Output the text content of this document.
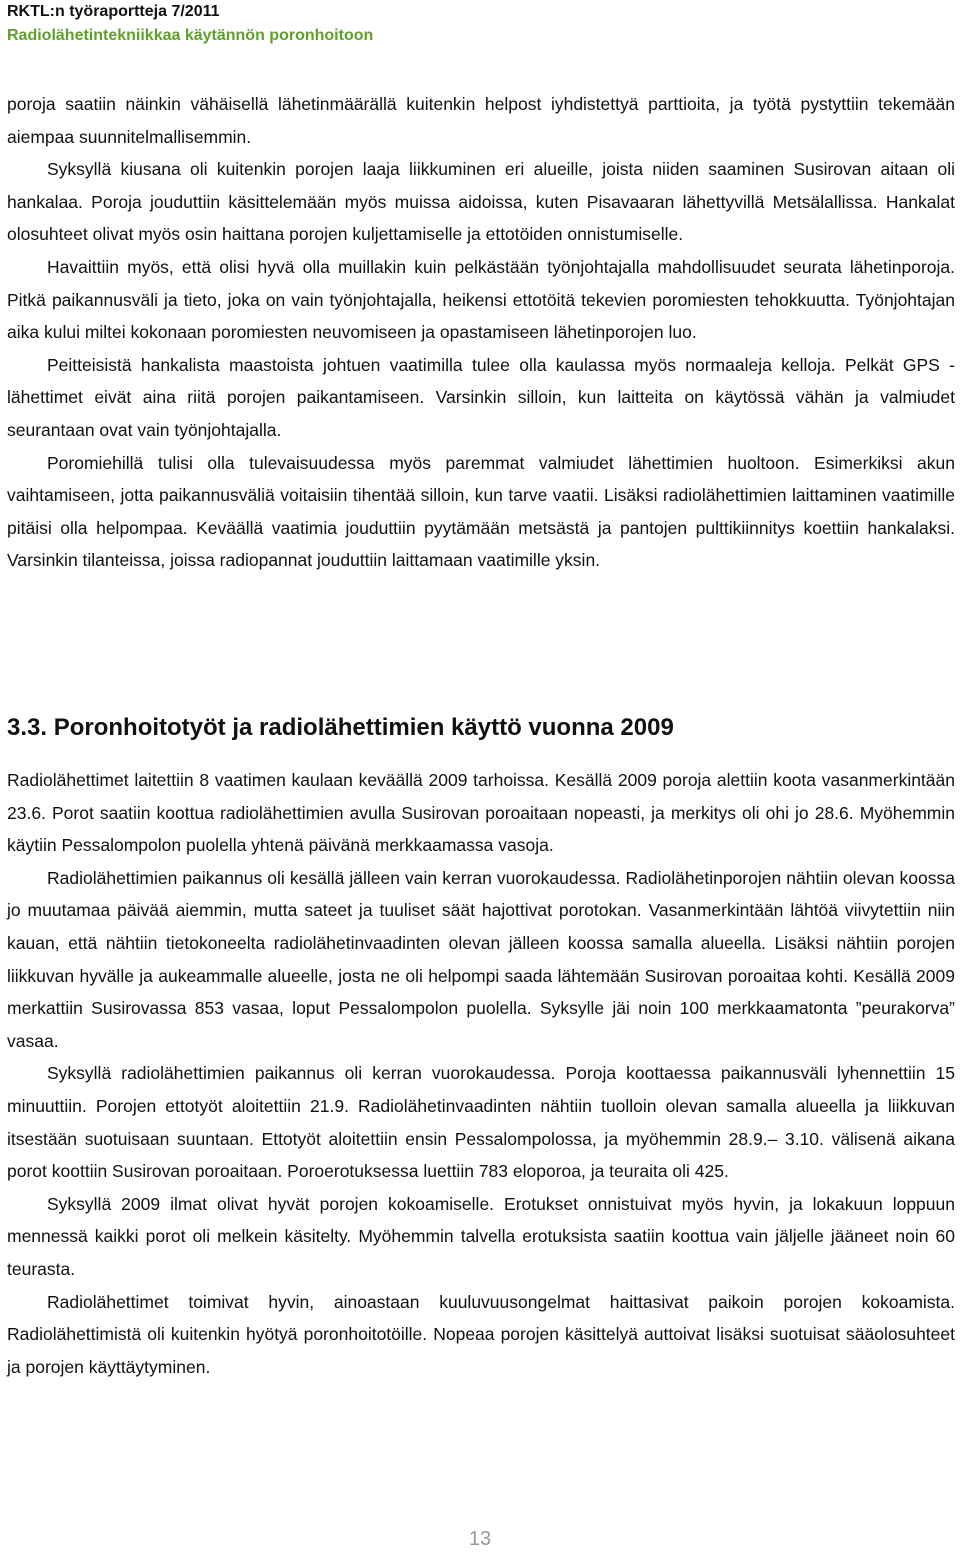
RKTL:n työraportteja 7/2011
Radiolähetintekniikkaa käytännön poronhoitoon

poroja saatiin näinkin vähäisellä lähetinmäärällä kuitenkin helpost iyhdistettyä parttioita, ja työtä pystyttiin tekemään aiempaa suunnitelmallisemmin.

Syksyllä kiusana oli kuitenkin porojen laaja liikkuminen eri alueille, joista niiden saaminen Susirovan aitaan oli hankalaa. Poroja jouduttiin käsittelemään myös muissa aidoissa, kuten Pisavaaran lähettyvillä Metsälallissa. Hankalat olosuhteet olivat myös osin haittana porojen kuljettamiselle ja ettotöiden onnistumiselle.

Havaittiin myös, että olisi hyvä olla muillakin kuin pelkästään työnjohtajalla mahdollisuudet seurata lähetinporoja. Pitkä paikannusväli ja tieto, joka on vain työnjohtajalla, heikensi ettotöitä tekevien poromiesten tehokkuutta. Työnjohtajan aika kului miltei kokonaan poromiesten neuvomiseen ja opastamiseen lähetinporojen luo.

Peitteisistä hankalista maastoista johtuen vaatimilla tulee olla kaulassa myös normaaleja kelloja. Pelkät GPS -lähettimet eivät aina riitä porojen paikantamiseen. Varsinkin silloin, kun laitteita on käytössä vähän ja valmiudet seurantaan ovat vain työnjohtajalla.

Poromiehillä tulisi olla tulevaisuudessa myös paremmat valmiudet lähettimien huoltoon. Esimerkiksi akun vaihtamiseen, jotta paikannusväliä voitaisiin tihentää silloin, kun tarve vaatii. Lisäksi radiolähettimien laittaminen vaatimille pitäisi olla helpompaa. Keväällä vaatimia jouduttiin pyytämään metsästä ja pantojen pulttikiinnitys koettiin hankalaksi. Varsinkin tilanteissa, joissa radiopannat jouduttiin laittamaan vaatimille yksin.

3.3. Poronhoitotyöt ja radiolähettimien käyttö vuonna 2009

Radiolähettimet laitettiin 8 vaatimen kaulaan keväällä 2009 tarhoissa. Kesällä 2009 poroja alettiin koota vasanmerkintään 23.6. Porot saatiin koottua radiolähettimien avulla Susirovan poroaitaan nopeasti, ja merkitys oli ohi jo 28.6. Myöhemmin käytiin Pessalompolon puolella yhtenä päivänä merkkaamassa vasoja.

Radiolähettimien paikannus oli kesällä jälleen vain kerran vuorokaudessa. Radiolähetinporojen nähtiin olevan koossa jo muutamaa päivää aiemmin, mutta sateet ja tuuliset säät hajottivat porotokan. Vasanmerkintään lähtöä viivytettiin niin kauan, että nähtiin tietokoneelta radiolähetinvaadinten olevan jälleen koossa samalla alueella. Lisäksi nähtiin porojen liikkuvan hyvälle ja aukeammalle alueelle, josta ne oli helpompi saada lähtemään Susirovan poroaitaa kohti. Kesällä 2009 merkattiin Susirovassa 853 vasaa, loput Pessalompolon puolella. Syksylle jäi noin 100 merkkaamatonta ”peurakorva” vasaa.

Syksyllä radiolähettimien paikannus oli kerran vuorokaudessa. Poroja koottaessa paikannusväli lyhennettiin 15 minuuttiin. Porojen ettotyöt aloitettiin 21.9. Radiolähetinvaadinten nähtiin tuolloin olevan samalla alueella ja liikkuvan itsestään suotuisaan suuntaan. Ettotyöt aloitettiin ensin Pessalompolossa, ja myöhemmin 28.9.– 3.10. välisenä aikana porot koottiin Susirovan poroaitaan. Poroerotuksessa luettiin 783 eloporoa, ja teuraita oli 425.

Syksyllä 2009 ilmat olivat hyvät porojen kokoamiselle. Erotukset onnistuivat myös hyvin, ja lokakuun loppuun mennessä kaikki porot oli melkein käsitelty. Myöhemmin talvella erotuksista saatiin koottua vain jäljelle jääneet noin 60 teurasta.

Radiolähettimet toimivat hyvin, ainoastaan kuuluvuusongelmat haittasivat paikoin porojen kokoamista. Radiolähettimistä oli kuitenkin hyötyä poronhoitotöille. Nopeaa porojen käsittelyä auttoivat lisäksi suotuisat sääolosuhteet ja porojen käyttäytyminen.

13
